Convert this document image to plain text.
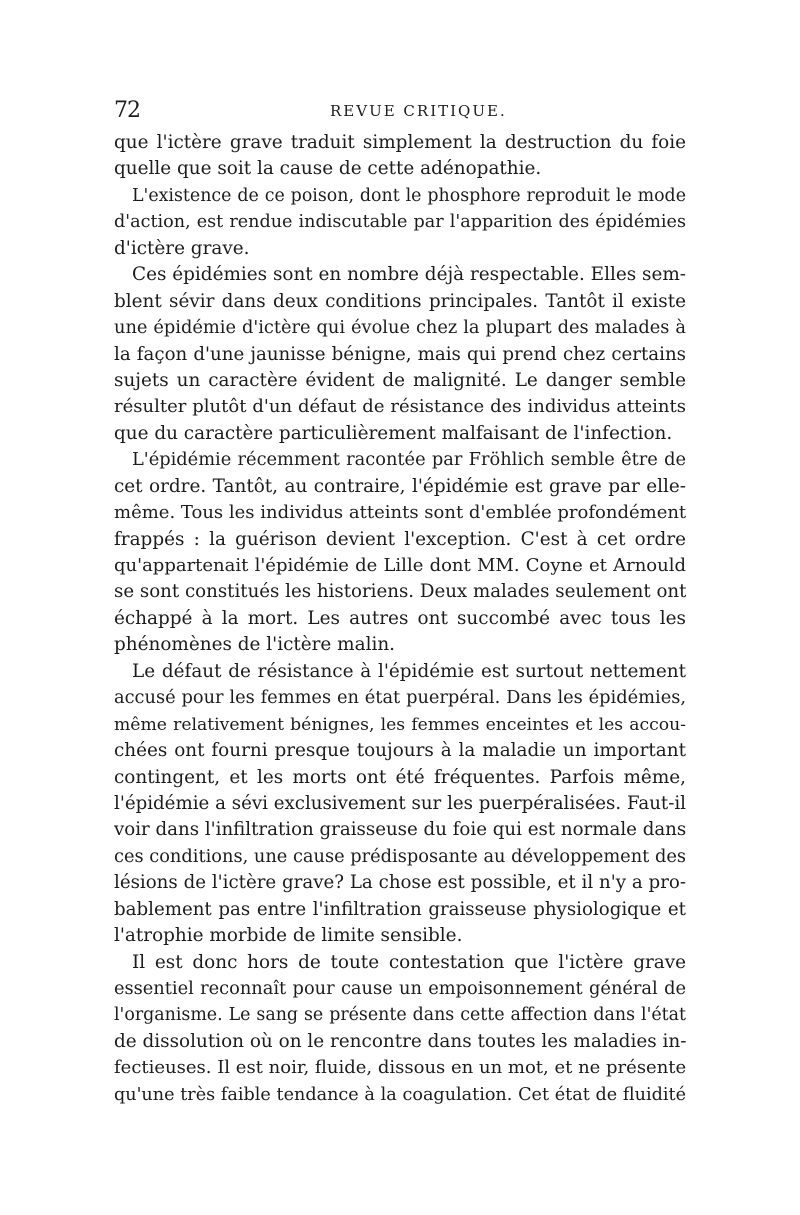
72	REVUE CRITIQUE.
que l'ictère grave traduit simplement la destruction du foie
quelle que soit la cause de cette adénopathie.
L'existence de ce poison, dont le phosphore reproduit le mode
d'action, est rendue indiscutable par l'apparition des épidémies
d'ictère grave.
Ces épidémies sont en nombre déjà respectable. Elles sem-
blent sévir dans deux conditions principales. Tantôt il existe
une épidémie d'ictère qui évolue chez la plupart des malades à
la façon d'une jaunisse bénigne, mais qui prend chez certains
sujets un caractère évident de malignité. Le danger semble
résulter plutôt d'un défaut de résistance des individus atteints
que du caractère particulièrement malfaisant de l'infection.
L'épidémie récemment racontée par Fröhlich semble être de
cet ordre. Tantôt, au contraire, l'épidémie est grave par elle-
même. Tous les individus atteints sont d'emblée profondément
frappés : la guérison devient l'exception. C'est à cet ordre
qu'appartenait l'épidémie de Lille dont MM. Coyne et Arnould
se sont constitués les historiens. Deux malades seulement ont
échappé à la mort. Les autres ont succombé avec tous les
phénomènes de l'ictère malin.
Le défaut de résistance à l'épidémie est surtout nettement
accusé pour les femmes en état puerpéral. Dans les épidémies,
même relativement bénignes, les femmes enceintes et les accou-
chées ont fourni presque toujours à la maladie un important
contingent, et les morts ont été fréquentes. Parfois même,
l'épidémie a sévi exclusivement sur les puerpéralisées. Faut-il
voir dans l'infiltration graisseuse du foie qui est normale dans
ces conditions, une cause prédisposante au développement des
lésions de l'ictère grave? La chose est possible, et il n'y a pro-
bablement pas entre l'infiltration graisseuse physiologique et
l'atrophie morbide de limite sensible.
Il est donc hors de toute contestation que l'ictère grave
essentiel reconnaît pour cause un empoisonnement général de
l'organisme. Le sang se présente dans cette affection dans l'état
de dissolution où on le rencontre dans toutes les maladies in-
fectieuses. Il est noir, fluide, dissous en un mot, et ne présente
qu'une très faible tendance à la coagulation. Cet état de fluidité
